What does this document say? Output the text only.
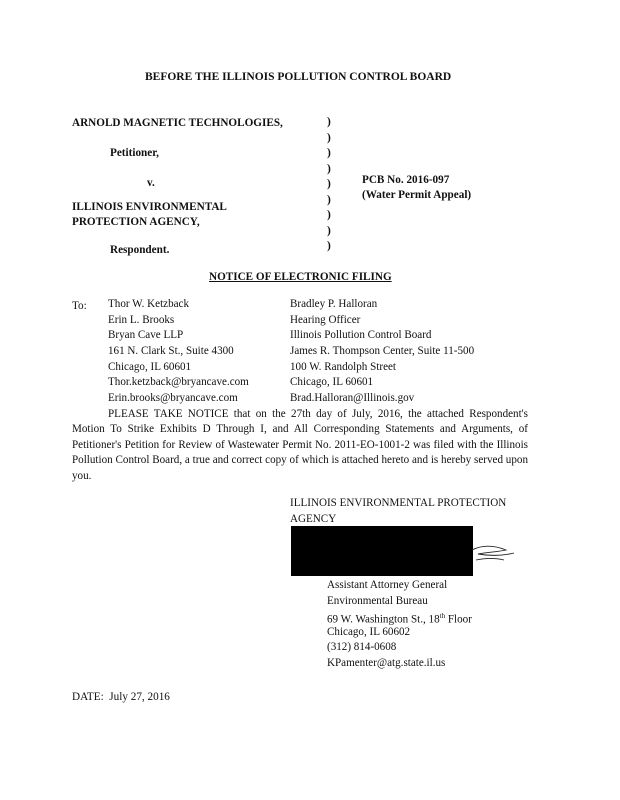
BEFORE THE ILLINOIS POLLUTION CONTROL BOARD
ARNOLD MAGNETIC TECHNOLOGIES,
Petitioner,
v.
ILLINOIS ENVIRONMENTAL
PROTECTION AGENCY,
Respondent.
)
)
)
)
)
)
)
)
)
PCB No. 2016-097
(Water Permit Appeal)
NOTICE OF ELECTRONIC FILING
To: Thor W. Ketzback
Erin L. Brooks
Bryan Cave LLP
161 N. Clark St., Suite 4300
Chicago, IL 60601
Thor.ketzback@bryancave.com
Erin.brooks@bryancave.com
Bradley P. Halloran
Hearing Officer
Illinois Pollution Control Board
James R. Thompson Center, Suite 11-500
100 W. Randolph Street
Chicago, IL 60601
Brad.Halloran@Illinois.gov
PLEASE TAKE NOTICE that on the 27th day of July, 2016, the attached Respondent's Motion To Strike Exhibits D Through I, and All Corresponding Statements and Arguments, of Petitioner's Petition for Review of Wastewater Permit No. 2011-EO-1001-2 was filed with the Illinois Pollution Control Board, a true and correct copy of which is attached hereto and is hereby served upon you.
ILLINOIS ENVIRONMENTAL PROTECTION
AGENCY
Assistant Attorney General
Environmental Bureau
69 W. Washington St., 18th Floor
Chicago, IL 60602
(312) 814-0608
KPamenter@atg.state.il.us
DATE:  July 27, 2016
